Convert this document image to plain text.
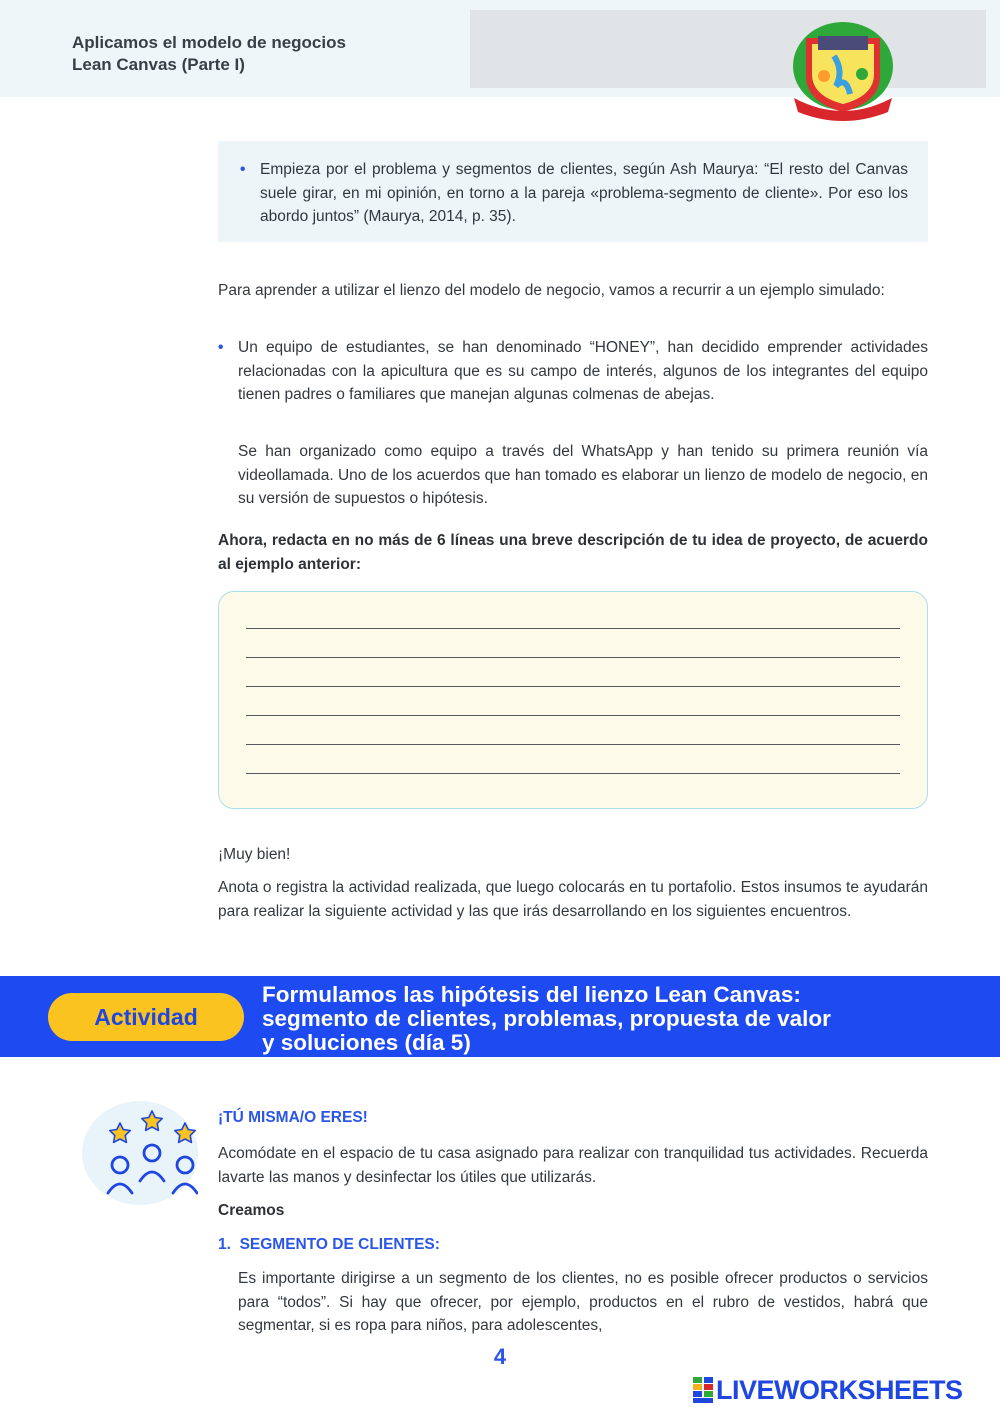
Aplicamos el modelo de negocios
Lean Canvas (Parte I)
• Empieza por el problema y segmentos de clientes, según Ash Maurya: “El resto del Canvas suele girar, en mi opinión, en torno a la pareja «problema-segmento de cliente». Por eso los abordo juntos” (Maurya, 2014, p. 35).
Para aprender a utilizar el lienzo del modelo de negocio, vamos a recurrir a un ejemplo simulado:
• Un equipo de estudiantes, se han denominado “HONEY”, han decidido emprender actividades relacionadas con la apicultura que es su campo de interés, algunos de los integrantes del equipo tienen padres o familiares que manejan algunas colmenas de abejas.
Se han organizado como equipo a través del WhatsApp y han tenido su primera reunión vía videollamada. Uno de los acuerdos que han tomado es elaborar un lienzo de modelo de negocio, en su versión de supuestos o hipótesis.
Ahora, redacta en no más de 6 líneas una breve descripción de tu idea de proyecto, de acuerdo al ejemplo anterior:
¡Muy bien!
Anota o registra la actividad realizada, que luego colocarás en tu portafolio. Estos insumos te ayudarán para realizar la siguiente actividad y las que irás desarrollando en los siguientes encuentros.
Actividad
Formulamos las hipótesis del lienzo Lean Canvas:
segmento de clientes, problemas, propuesta de valor
y soluciones (día 5)
¡TÚ MISMA/O ERES!
Acomódate en el espacio de tu casa asignado para realizar con tranquilidad tus actividades. Recuerda lavarte las manos y desinfectar los útiles que utilizarás.
Creamos
1. SEGMENTO DE CLIENTES:
Es importante dirigirse a un segmento de los clientes, no es posible ofrecer productos o servicios para “todos”. Si hay que ofrecer, por ejemplo, productos en el rubro de vestidos, habrá que segmentar, si es ropa para niños, para adolescentes,
4
LIVEWORKSHEETS
